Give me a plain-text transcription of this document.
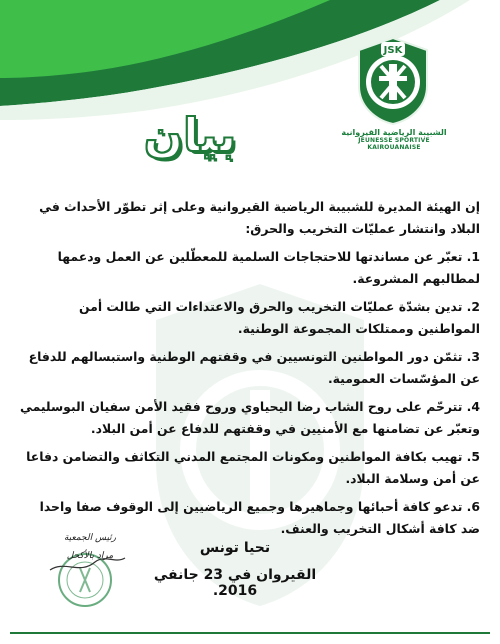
JSK
الشبيبة الرياضية القيروانية
JEUNESSE SPORTIVE KAIROUANAISE
بيان

إن الهيئة المديرة للشبيبة الرياضية القيروانية وعلى إثر تطوّر الأحداث في البلاد وانتشار عمليّات التخريب والحرق:

1. تعبّر عن مساندتها للاحتجاجات السلمية للمعطّلين عن العمل ودعمها لمطالبهم المشروعة.

2. تدين بشدّة عمليّات التخريب والحرق والاعتداءات التي طالت أمن المواطنين وممتلكات المجموعة الوطنية.

3. تثمّن دور المواطنين التونسيين في وقفتهم الوطنية واستبسالهم للدفاع عن المؤسّسات العمومية.

4. تترحّم على روح الشاب رضا اليحياوي وروح فقيد الأمن سفيان البوسليمي وتعبّر عن تضامنها مع الأمنيين في وقفتهم للدفاع عن أمن البلاد.

5. تهيب بكافة المواطنين ومكونات المجتمع المدني التكاثف والتضامن دفاعا عن أمن وسلامة البلاد.

6. تدعو كافة أحبائها وجماهيرها وجميع الرياضيين إلى الوقوف صفا واحدا ضد كافة أشكال التخريب والعنف.

رئيس الجمعية
مراد بالأكحل	تحيا تونس
القيروان في 23 جانفي 2016.
